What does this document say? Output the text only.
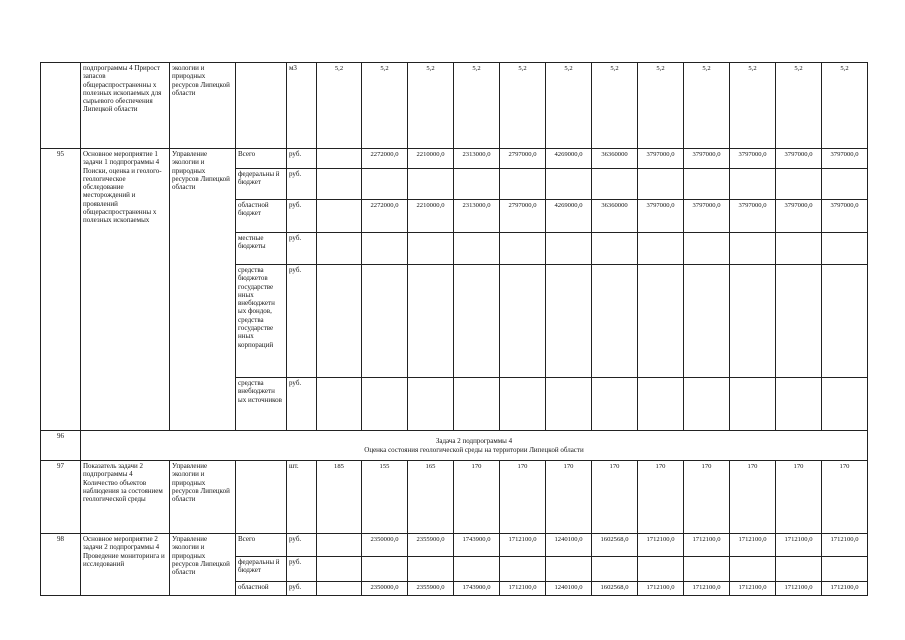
	подпрограммы 4 Прирост запасов общераспространенны х полезных ископаемых для сырьевого обеспечения Липецкой области	экологии и природных ресурсов Липецкой области		м3	5,2	5,2	5,2	5,2	5,2	5,2	5,2	5,2	5,2	5,2	5,2	5,2
95	Основное мероприятие 1 задачи 1 подпрограммы 4 Поиски, оценка и геолого-геологическое обследование месторождений и проявлений общераспространенны х полезных ископаемых	Управление экологии и природных ресурсов Липецкой области	Всего	руб.		2272000,0	2210000,0	2313000,0	2797000,0	4269000,0	36360000	3797000,0	3797000,0	3797000,0	3797000,0	3797000,0
			федеральны й бюджет	руб.												
			областной бюджет	руб.		2272000,0	2210000,0	2313000,0	2797000,0	4269000,0	36360000	3797000,0	3797000,0	3797000,0	3797000,0	3797000,0
			местные бюджеты	руб.												
			средства бюджетов государстве нных внебюджетн ых фондов, средства государстве нных корпораций	руб.												
			средства внебюджетн ых источников	руб.												
96	Задача 2 подпрограммы 4
Оценка состояния геологической среды на территории Липецкой области															

97	Показатель задачи 2 подпрограммы 4 Количество объектов наблюдения за состоянием геологической среды	Управление экологии и природных ресурсов Липецкой области		шт.	185	155	165	170	170	170	170	170	170	170	170	170
98	Основное мероприятие 2 задачи 2 подпрограммы 4 Проведение мониторинга и исследований	Управление экологии и природных ресурсов Липецкой области	Всего	руб.		2350000,0	2355900,0	1743900,0	1712100,0	1240100,0	1602568,0	1712100,0	1712100,0	1712100,0	1712100,0	1712100,0
			федеральны й бюджет	руб.												
			областной	руб.		2350000,0	2355900,0	1743900,0	1712100,0	1240100,0	1602568,0	1712100,0	1712100,0	1712100,0	1712100,0	1712100,0
